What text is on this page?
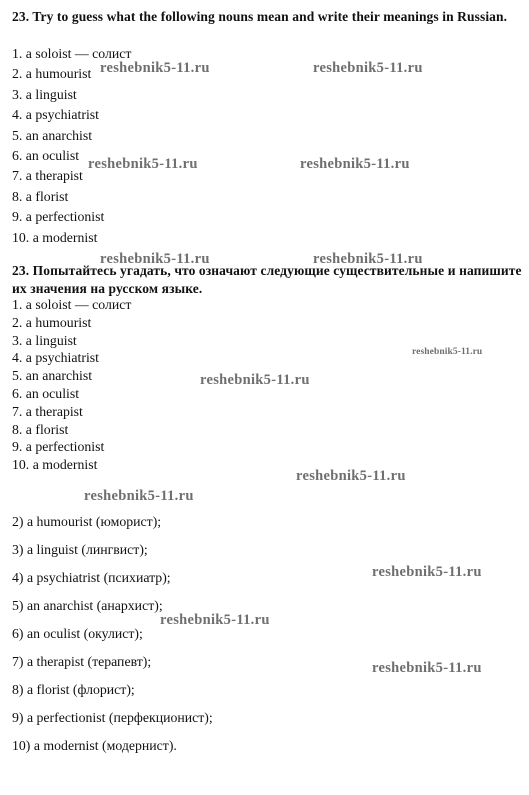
23. Try to guess what the following nouns mean and write their meanings in Russian.

1. a soloist — солист
2. a humourist
3. a linguist
4. a psychiatrist
5. an anarchist
6. an oculist
7. a therapist
8. a florist
9. a perfectionist
10. a modernist

23. Попытайтесь угадать, что означают следующие существительные и напишите их значения на русском языке.

1. a soloist — солист
2. a humourist
3. a linguist
4. a psychiatrist
5. an anarchist
6. an oculist
7. a therapist
8. a florist
9. a perfectionist
10. a modernist
2) a humourist (юморист);
3) a linguist (лингвист);
4) a psychiatrist (психиатр);
5) an anarchist (анархист);
6) an oculist (окулист);
7) a therapist (терапевт);
8) a florist (флорист);
9) a perfectionist (перфекционист);
10) a modernist (модернист).
reshebnik5-11.ru	reshebnik5-11.ru
reshebnik5-11.ru	reshebnik5-11.ru
reshebnik5-11.ru	reshebnik5-11.ru
reshebnik5-11.ru
reshebnik5-11.ru
reshebnik5-11.ru
reshebnik5-11.ru
reshebnik5-11.ru
reshebnik5-11.ru
reshebnik5-11.ru
